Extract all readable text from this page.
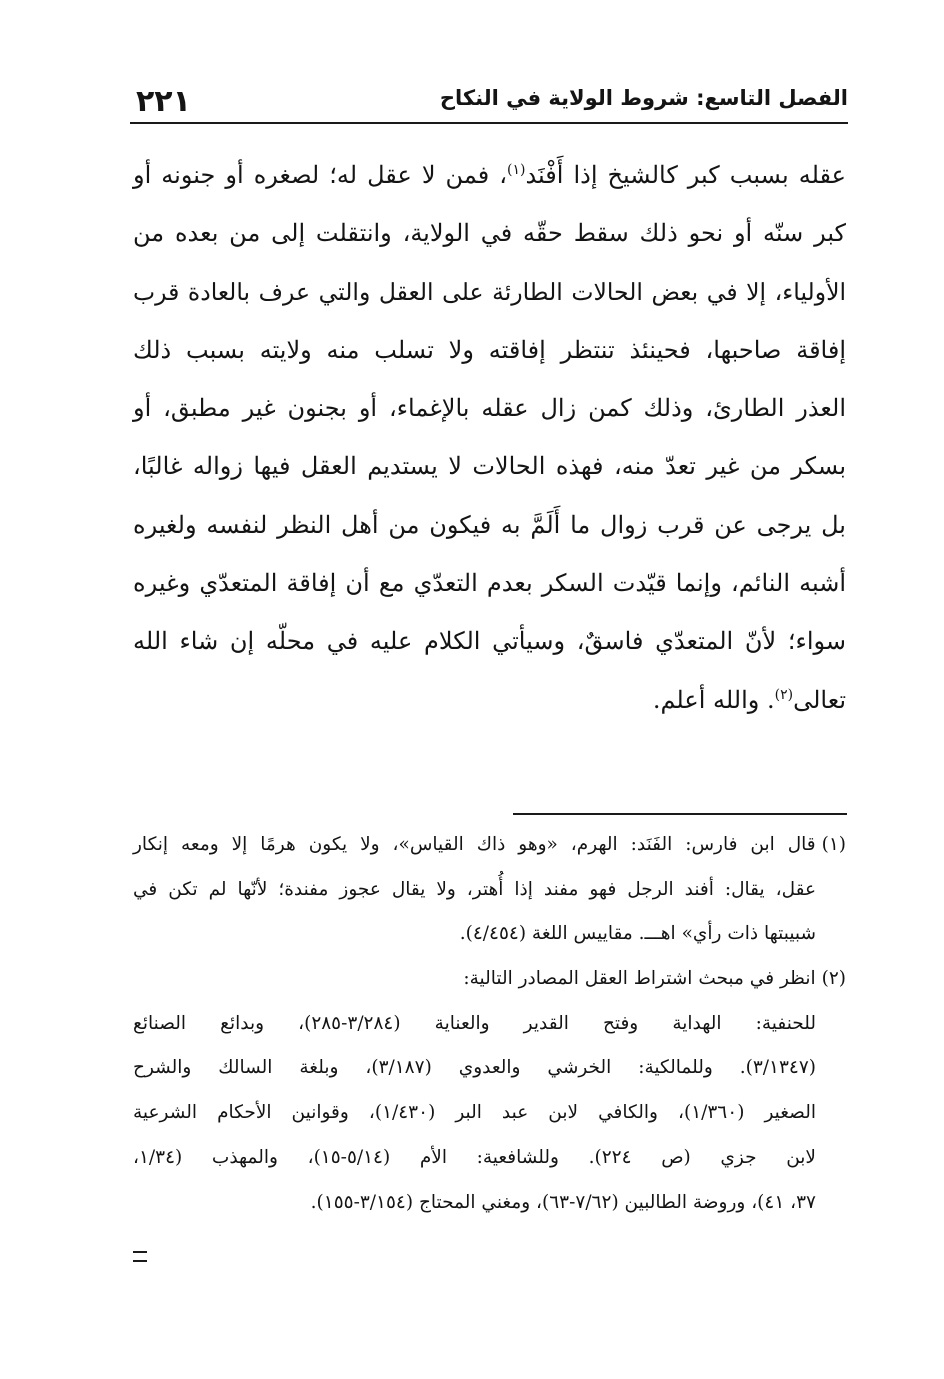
٢٢١	الفصل التاسع: شروط الولاية في النكاح
عقله بسبب كبر كالشيخ إذا أَفْنَد$^{(١)}$، فمن لا عقل له؛ لصغره أو جنونه أو
كبر سنّه أو نحو ذلك سقط حقّه في الولاية، وانتقلت إلى من بعده من
الأولياء، إلا في بعض الحالات الطارئة على العقل والتي عرف بالعادة قرب
إفاقة صاحبها، فحينئذ تنتظر إفاقته ولا تسلب منه ولايته بسبب ذلك
العذر الطارئ، وذلك كمن زال عقله بالإغماء، أو بجنون غير مطبق، أو
بسكر من غير تعدّ منه، فهذه الحالات لا يستديم العقل فيها زواله غالبًا،
بل يرجى عن قرب زوال ما أَلَمَّ به فيكون من أهل النظر لنفسه ولغيره
أشبه النائم، وإنما قيّدت السكر بعدم التعدّي مع أن إفاقة المتعدّي وغيره
سواء؛ لأنّ المتعدّي فاسقٌ، وسيأتي الكلام عليه في محلّه إن شاء الله
تعالى$^{(٢)}$. والله أعلم.
(١)قال ابن فارس: الفَنَد: الهرم، «وهو ذاك القياس»، ولا يكون هرمًا إلا ومعه إنكار
عقل، يقال: أفند الرجل فهو مفند إذا أُهتر، ولا يقال عجوز مفندة؛ لأنّها لم تكن في
شبيبتها ذات رأي» اهـــ. مقاييس اللغة (٤/٤٥٤).
(٢)انظر في مبحث اشتراط العقل المصادر التالية:
للحنفية: الهداية وفتح القدير والعناية (٣/٢٨٤-٢٨٥)، وبدائع الصنائع
(٣/١٣٤٧). وللمالكية: الخرشي والعدوي (٣/١٨٧)، وبلغة السالك والشرح
الصغير (١/٣٦٠)، والكافي لابن عبد البر (١/٤٣٠)، وقوانين الأحكام الشرعية
لابن جزي (ص ٢٢٤). وللشافعية: الأم (٥/١٤-١٥)، والمهذب (١/٣٤،
٣٧، ٤١)، وروضة الطالبين (٧/٦٢-٦٣)، ومغني المحتاج (٣/١٥٤-١٥٥).
